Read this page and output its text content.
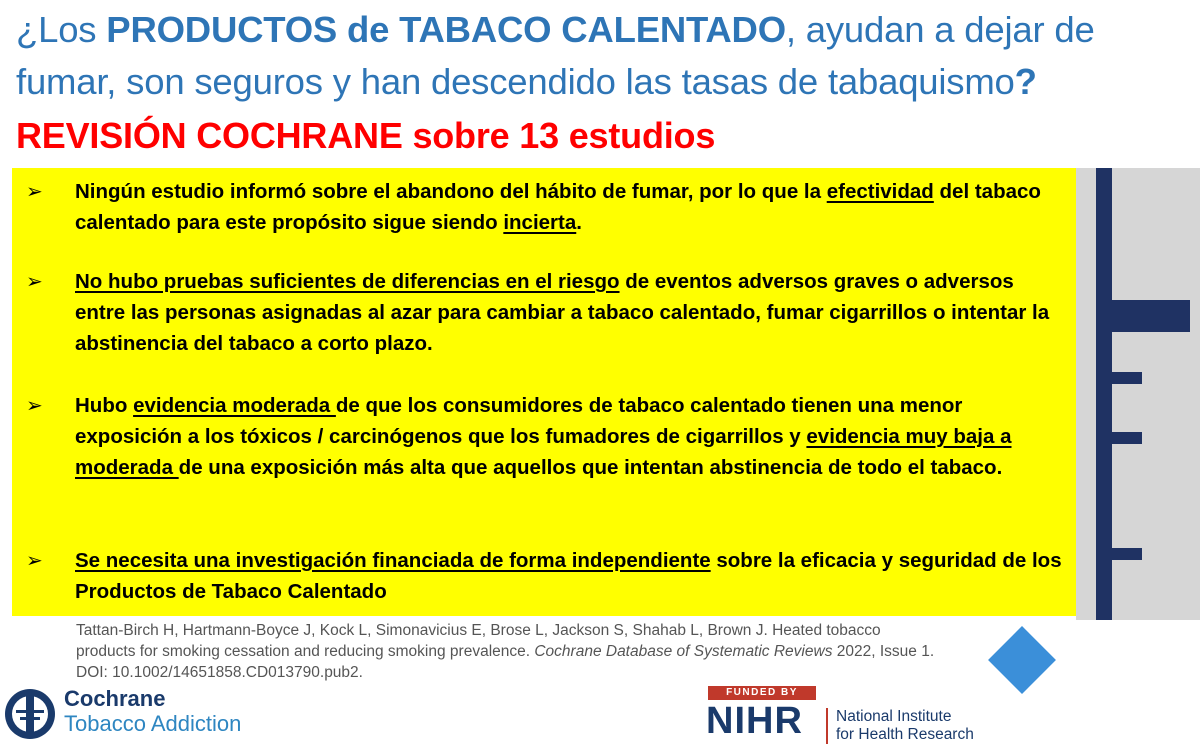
¿Los PRODUCTOS de TABACO CALENTADO, ayudan a dejar de
fumar, son seguros y han descendido las tasas de tabaquismo?
REVISIÓN COCHRANE sobre 13 estudios
➢ Ningún estudio informó sobre el abandono del hábito de fumar, por lo que la efectividad del tabaco calentado para este propósito sigue siendo incierta.
➢ No hubo pruebas suficientes de diferencias en el riesgo de eventos adversos graves o adversos entre las personas asignadas al azar para cambiar a tabaco calentado, fumar cigarrillos o intentar la abstinencia del tabaco a corto plazo.
➢ Hubo evidencia moderada de que los consumidores de tabaco calentado tienen una menor exposición a los tóxicos / carcinógenos que los fumadores de cigarrillos y evidencia muy baja a moderada de una exposición más alta que aquellos que intentan abstinencia de todo el tabaco.
➢ Se necesita una investigación financiada de forma independiente sobre la eficacia y seguridad de los Productos de Tabaco Calentado
Tattan-Birch H, Hartmann-Boyce J, Kock L, Simonavicius E, Brose L, Jackson S, Shahab L, Brown J. Heated tobacco products for smoking cessation and reducing smoking prevalence. Cochrane Database of Systematic Reviews 2022, Issue 1. DOI: 10.1002/14651858.CD013790.pub2.
Cochrane
Tobacco Addiction
FUNDED BY
NIHR National Institute
for Health Research
